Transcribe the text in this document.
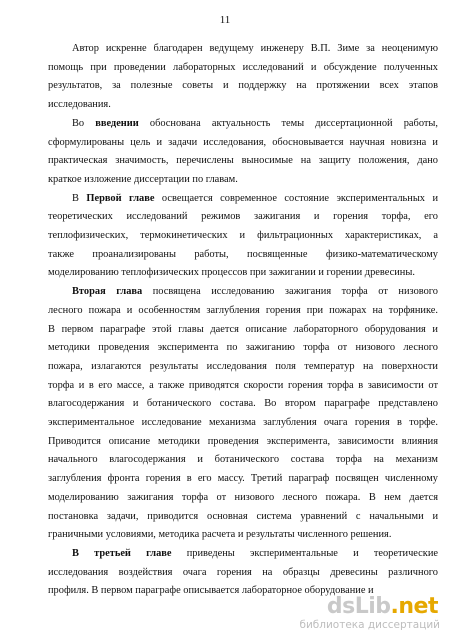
11

Автор искренне благодарен ведущему инженеру В.П. Зиме за неоценимую
помощь при проведении лабораторных исследований и обсуждение полученных
результатов, за полезные советы и поддержку на протяжении всех этапов
исследования.

Во введении обоснована актуальность темы диссертационной работы,
сформулированы цель и задачи исследования, обосновывается научная новизна и
практическая значимость, перечислены выносимые на защиту положения, дано
краткое изложение диссертации по главам.

В Первой главе освещается современное состояние экспериментальных и
теоретических исследований режимов зажигания и горения торфа, его
теплофизических, термокинетических и фильтрационных характеристиках, а
также проанализированы работы, посвященные физико-математическому
моделированию теплофизических процессов при зажигании и горении древесины.

Вторая глава посвящена исследованию зажигания торфа от низового
лесного пожара и особенностям заглубления горения при пожарах на торфянике.
В первом параграфе этой главы дается описание лабораторного оборудования и
методики проведения эксперимента по зажиганию торфа от низового лесного
пожара, излагаются результаты исследования поля температур на поверхности
торфа и в его массе, а также приводятся скорости горения торфа в зависимости от
влагосодержания и ботанического состава. Во втором параграфе представлено
экспериментальное исследование механизма заглубления очага горения в торфе.
Приводится описание методики проведения эксперимента, зависимости влияния
начального влагосодержания и ботанического состава торфа на механизм
заглубления фронта горения в его массу. Третий параграф посвящен численному
моделированию зажигания торфа от низового лесного пожара. В нем дается
постановка задачи, приводится основная система уравнений с начальными и
граничными условиями, методика расчета и результаты численного решения.

В третьей главе приведены экспериментальные и теоретические
исследования воздействия очага горения на образцы древесины различного
профиля. В первом параграфе описывается лабораторное оборудование и

dsLib.net
библиотека диссертаций
